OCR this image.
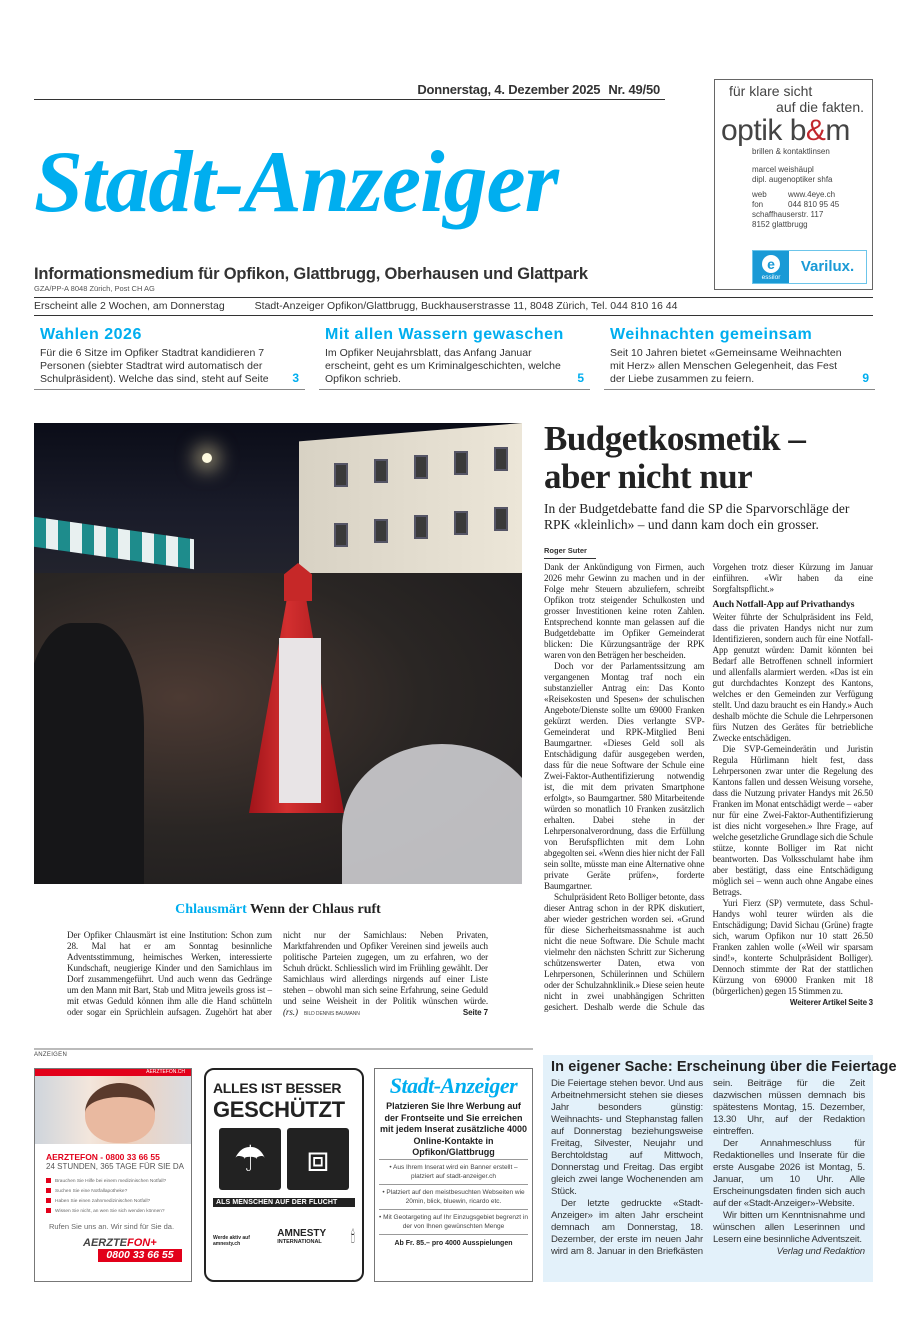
Donnerstag, 4. Dezember 2025 Nr. 49/50
Stadt-Anzeiger
Informationsmedium für Opfikon, Glattbrugg, Oberhausen und Glattpark
GZA/PP-A 8048 Zürich, Post CH AG
für klare sicht
auf die fakten.
optik b&m
brillen & kontaktlinsen
marcel weishäupl
dipl. augenoptiker shfa
web	www.4eye.ch
fon	044 810 95 45
schaffhauserstr. 117
8152 glattbrugg
e
essilor
Varilux.
Erscheint alle 2 Wochen, am Donnerstag	Stadt-Anzeiger Opfikon/Glattbrugg, Buckhauserstrasse 11, 8048 Zürich, Tel. 044 810 16 44
Wahlen 2026

Für die 6 Sitze im Opfiker Stadtrat kandidieren 7 Personen (siebter Stadtrat wird automatisch der Schulpräsident). Welche das sind, steht auf Seite	3
Mit allen Wassern gewaschen

Im Opfiker Neujahrsblatt, das Anfang Januar erscheint, geht es um Kriminalgeschichten, welche Opfikon schrieb.	5
Weihnachten gemeinsam

Seit 10 Jahren bietet «Gemeinsame Weihnachten mit Herz» allen Menschen Gelegenheit, das Fest der Liebe zusammen zu feiern.	9
Budgetkosmetik – aber nicht nur
In der Budgetdebatte fand die SP die Sparvorschläge der RPK «kleinlich» – und dann kam doch ein grosser.
Roger Suter

Dank der Ankündigung von Firmen, auch 2026 mehr Gewinn zu machen und in der Folge mehr Steuern abzuliefern, schreibt Opfikon trotz steigender Schulkosten und grosser Investitionen keine roten Zahlen. Entsprechend konnte man gelassen auf die Budgetdebatte im Opfiker Gemeinderat blicken: Die Kürzungsanträge der RPK waren von den Beträgen her bescheiden.

Doch vor der Parlamentssitzung am vergangenen Montag traf noch ein substanzieller Antrag ein: Das Konto «Reisekosten und Spesen» der schulischen Angebote/Dienste sollte um 69000 Franken gekürzt werden. Dies verlangte SVP-Gemeinderat und RPK-Mitglied Beni Baumgartner. «Dieses Geld soll als Entschädigung dafür ausgegeben werden, dass für die neue Software der Schule eine Zwei-Faktor-Authentifizierung notwendig ist, die mit dem privaten Smartphone erfolgt», so Baumgartner. 580 Mitarbeitende würden so monatlich 10 Franken zusätzlich erhalten. Dabei stehe in der Lehrpersonalverordnung, dass die Erfüllung von Berufspflichten mit dem Lohn abgegolten sei. «Wenn dies hier nicht der Fall sein sollte, müsste man eine Alternative ohne private Geräte prüfen», forderte Baumgartner.

Schulpräsident Reto Bolliger betonte, dass dieser Antrag schon in der RPK diskutiert, aber wieder gestrichen worden sei. «Grund für diese Sicherheitsmassnahme ist auch nicht die neue Software. Die Schule macht vielmehr den nächsten Schritt zur Sicherung schützenswerter Daten, etwa von Lehrpersonen, Schülerinnen und Schülern oder der Schulzahnklinik.» Diese seien heute nicht in zwei unabhängigen Schritten gesichert. Deshalb werde die Schule das Vorgehen trotz dieser Kürzung im Januar einführen. «Wir haben da eine Sorgfaltspflicht.»

Auch Notfall-App auf Privathandys

Weiter führte der Schulpräsident ins Feld, dass die privaten Handys nicht nur zum Identifizieren, sondern auch für eine Notfall-App genutzt würden: Damit könnten bei Bedarf alle Betroffenen schnell informiert und allenfalls alarmiert werden. «Das ist ein gut durchdachtes Konzept des Kantons, welches er den Gemeinden zur Verfügung stellt. Und dazu braucht es ein Handy.» Auch deshalb möchte die Schule die Lehrpersonen fürs Nutzen des Gerätes für betriebliche Zwecke entschädigen.

Die SVP-Gemeinderätin und Juristin Regula Hürlimann hielt fest, dass Lehrpersonen zwar unter die Regelung des Kantons fallen und dessen Weisung vorsehe, dass die Nutzung privater Handys mit 26.50 Franken im Monat entschädigt werde – «aber nur für eine Zwei-Faktor-Authentifizierung ist dies nicht vorgesehen.» Ihre Frage, auf welche gesetzliche Grundlage sich die Schule stütze, konnte Bolliger im Rat nicht beantworten. Das Volksschulamt habe ihm aber bestätigt, dass eine Entschädigung möglich sei – wenn auch ohne Angabe eines Betrags.

Yuri Fierz (SP) vermutete, dass Schul-Handys wohl teurer würden als die Entschädigung; David Sichau (Grüne) fragte sich, warum Opfikon nur 10 statt 26.50 Franken zahlen wolle («Weil wir sparsam sind!», konterte Schulpräsident Bolliger). Dennoch stimmte der Rat der stattlichen Kürzung von 69000 Franken mit 18 (bürgerlichen) gegen 15 Stimmen zu.
Weiterer Artikel Seite 3

Chlausmärt Wenn der Chlaus ruft
Der Opfiker Chlausmärt ist eine Institution: Schon zum 28. Mal hat er am Sonntag besinnliche Adventsstimmung, heimisches Werken, interessierte Kundschaft, neugierige Kinder und den Samichlaus im Dorf zusammengeführt. Und auch wenn das Gedränge um den Mann mit Bart, Stab und Mitra jeweils gross ist – mit etwas Geduld können ihm alle die Hand schütteln oder sogar ein Sprüchlein aufsagen. Zugehört hat aber nicht nur der Samichlaus: Neben Privaten, Marktfahrenden und Opfiker Vereinen sind jeweils auch politische Parteien zugegen, um zu erfahren, wo der Schuh drückt. Schliesslich wird im Frühling gewählt. Der Samichlaus wird allerdings nirgends auf einer Liste stehen – obwohl man sich seine Erfahrung, seine Geduld und seine Weisheit in der Politik wünschen würde. (rs.) BILD DENNIS BAUMANN	Seite 7
ANZEIGEN
AERZTEFON.CH
AERZTEFON - 0800 33 66 55
24 STUNDEN, 365 TAGE FÜR SIE DA
Brauchen Sie Hilfe bei einem medizinischen Notfall?
Suchen Sie eine Notfallapotheke?
Haben Sie einen zahnmedizinischen Notfall?
Wissen Sie nicht, an wen Sie sich wenden können?
Rufen Sie uns an. Wir sind für Sie da.
AERZTEFON+
0800 33 66 55
ALLES IST BESSER
GESCHÜTZT
☂	⧈
ALS MENSCHEN AUF DER FLUCHT
Werde aktiv auf amnesty.ch
AMNESTY
INTERNATIONAL 🕯
Stadt-Anzeiger
Platzieren Sie Ihre Werbung auf der Frontseite und Sie erreichen mit jedem Inserat zusätzliche 4000 Online-Kontakte in Opfikon/Glattbrugg
• Aus Ihrem Inserat wird ein Banner erstellt – platziert auf stadt-anzeiger.ch
• Platziert auf den meistbesuchten Webseiten wie 20min, blick, bluewin, ricardo etc.
• Mit Geotargeting auf Ihr Einzugsgebiet begrenzt in der von Ihnen gewünschten Menge
Ab Fr. 85.– pro 4000 Ausspielungen
In eigener Sache: Erscheinung über die Feiertage

Die Feiertage stehen bevor. Und aus Arbeitnehmersicht stehen sie dieses Jahr besonders günstig: Weihnachts- und Stephanstag fallen auf Donnerstag beziehungsweise Freitag, Silvester, Neujahr und Berchtoldstag auf Mittwoch, Donnerstag und Freitag. Das ergibt gleich zwei lange Wochenenden am Stück.

Der letzte gedruckte «Stadt-Anzeiger» im alten Jahr erscheint demnach am Donnerstag, 18. Dezember, der erste im neuen Jahr wird am 8. Januar in den Briefkästen sein. Beiträge für die Zeit dazwischen müssen demnach bis spätestens Montag, 15. Dezember, 13.30 Uhr, auf der Redaktion eintreffen.

Der Annahmeschluss für Redaktionelles und Inserate für die erste Ausgabe 2026 ist Montag, 5. Januar, um 10 Uhr. Alle Erscheinungsdaten finden sich auch auf der «Stadt-Anzeiger»-Website.

Wir bitten um Kenntnisnahme und wünschen allen Leserinnen und Lesern eine besinnliche Adventszeit.

Verlag und Redaktion
